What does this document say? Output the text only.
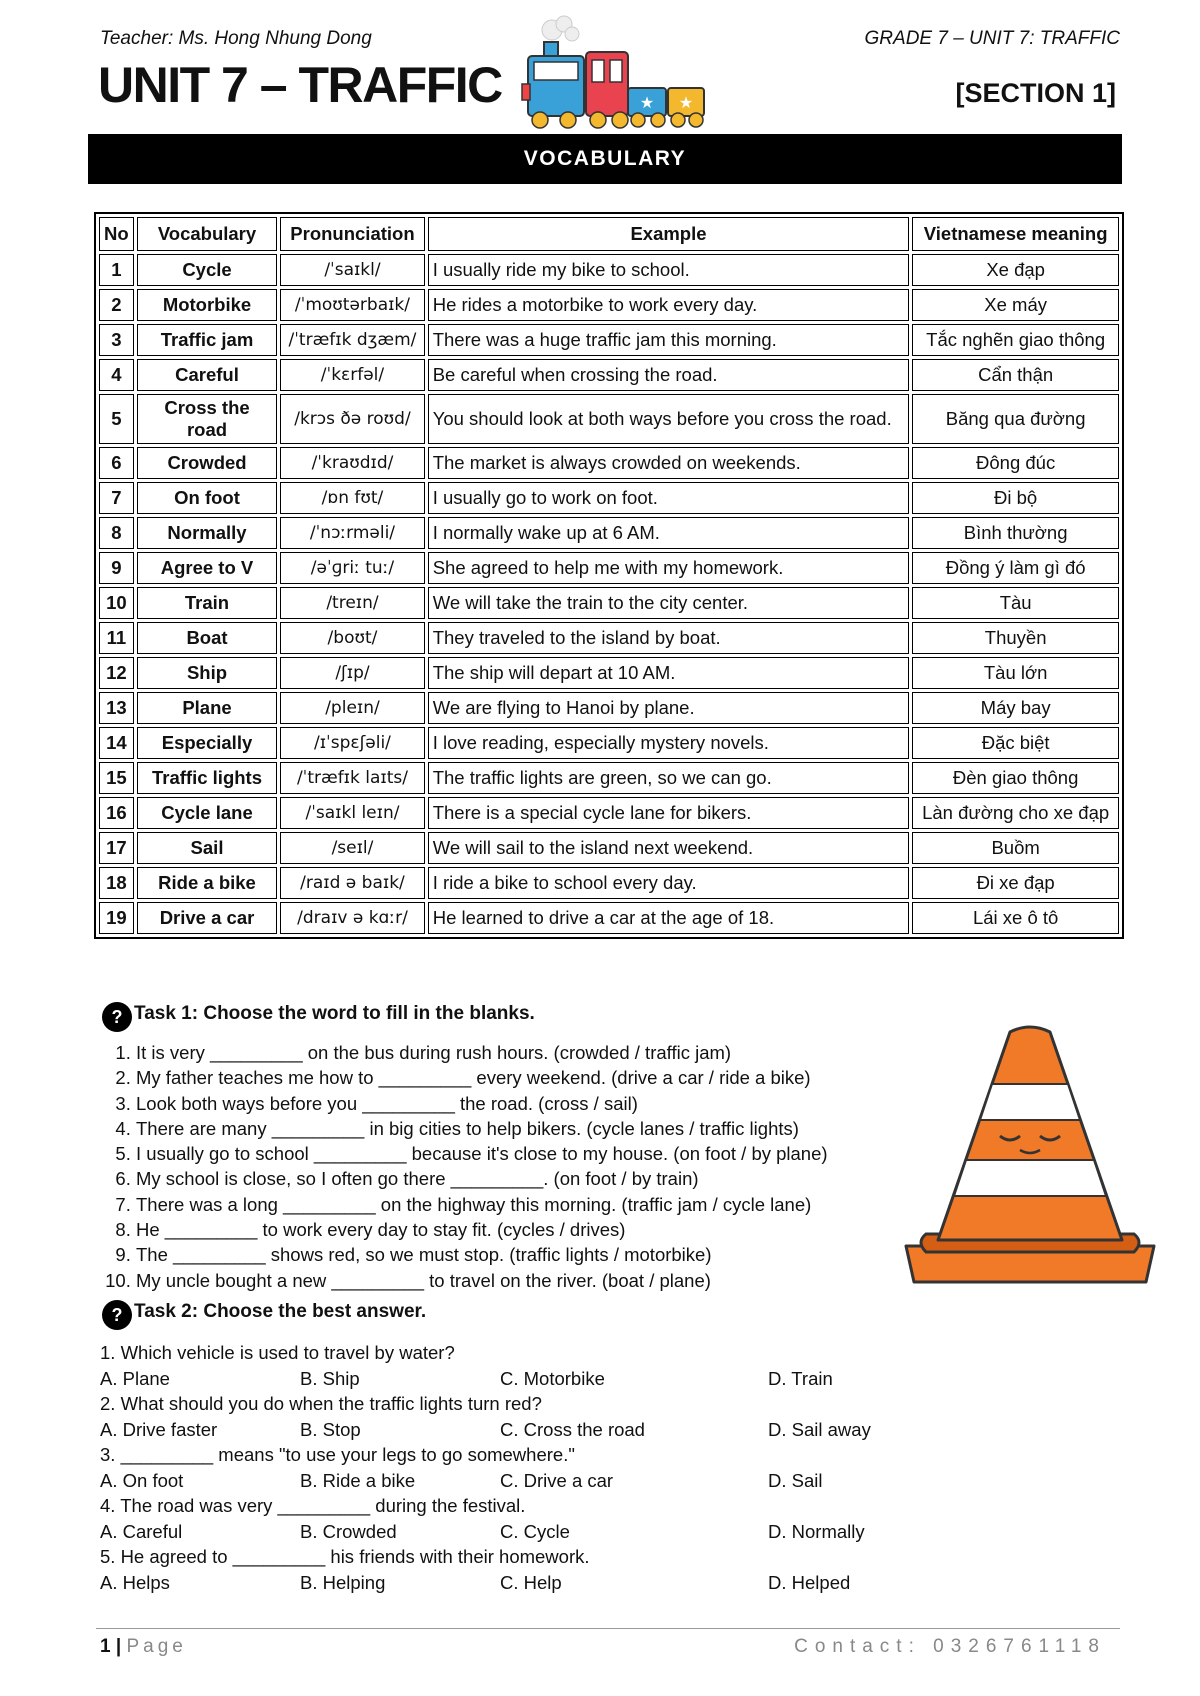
Teacher: Ms. Hong Nhung Dong	GRADE 7 – UNIT 7: TRAFFIC
UNIT 7 – TRAFFIC	[SECTION 1]
★ ★
VOCABULARY
No	Vocabulary	Pronunciation	Example	Vietnamese meaning
1	Cycle	/ˈsaɪkl/	I usually ride my bike to school.	Xe đạp
2	Motorbike	/ˈmoʊtərbaɪk/	He rides a motorbike to work every day.	Xe máy
3	Traffic jam	/ˈtræfɪk dʒæm/	There was a huge traffic jam this morning.	Tắc nghẽn giao thông
4	Careful	/ˈkɛrfəl/	Be careful when crossing the road.	Cẩn thận
5	Cross the road	/krɔs ðə roʊd/	You should look at both ways before you cross the road.	Băng qua đường
6	Crowded	/ˈkraʊdɪd/	The market is always crowded on weekends.	Đông đúc
7	On foot	/ɒn fʊt/	I usually go to work on foot.	Đi bộ
8	Normally	/ˈnɔːrməli/	I normally wake up at 6 AM.	Bình thường
9	Agree to V	/əˈɡriː tuː/	She agreed to help me with my homework.	Đồng ý làm gì đó
10	Train	/treɪn/	We will take the train to the city center.	Tàu
11	Boat	/boʊt/	They traveled to the island by boat.	Thuyền
12	Ship	/ʃɪp/	The ship will depart at 10 AM.	Tàu lớn
13	Plane	/pleɪn/	We are flying to Hanoi by plane.	Máy bay
14	Especially	/ɪˈspɛʃəli/	I love reading, especially mystery novels.	Đặc biệt
15	Traffic lights	/ˈtræfɪk laɪts/	The traffic lights are green, so we can go.	Đèn giao thông
16	Cycle lane	/ˈsaɪkl leɪn/	There is a special cycle lane for bikers.	Làn đường cho xe đạp
17	Sail	/seɪl/	We will sail to the island next weekend.	Buồm
18	Ride a bike	/raɪd ə baɪk/	I ride a bike to school every day.	Đi xe đạp
19	Drive a car	/draɪv ə kɑːr/	He learned to drive a car at the age of 18.	Lái xe ô tô
? Task 1: Choose the word to fill in the blanks.
1. It is very _________ on the bus during rush hours. (crowded / traffic jam)
2. My father teaches me how to _________ every weekend. (drive a car / ride a bike)
3. Look both ways before you _________ the road. (cross / sail)
4. There are many _________ in big cities to help bikers. (cycle lanes / traffic lights)
5. I usually go to school _________ because it's close to my house. (on foot / by plane)
6. My school is close, so I often go there _________. (on foot / by train)
7. There was a long _________ on the highway this morning. (traffic jam / cycle lane)
8. He _________ to work every day to stay fit. (cycles / drives)
9. The _________ shows red, so we must stop. (traffic lights / motorbike)
10. My uncle bought a new _________ to travel on the river. (boat / plane)
? Task 2: Choose the best answer.
1. Which vehicle is used to travel by water?
A. Plane	B. Ship	C. Motorbike	D. Train
2. What should you do when the traffic lights turn red?
A. Drive faster	B. Stop	C. Cross the road	D. Sail away
3. _________ means "to use your legs to go somewhere."
A. On foot	B. Ride a bike	C. Drive a car	D. Sail
4. The road was very _________ during the festival.
A. Careful	B. Crowded	C. Cycle	D. Normally
5. He agreed to _________ his friends with their homework.
A. Helps	B. Helping	C. Help	D. Helped
1 | Page	Contact: 0326761118
